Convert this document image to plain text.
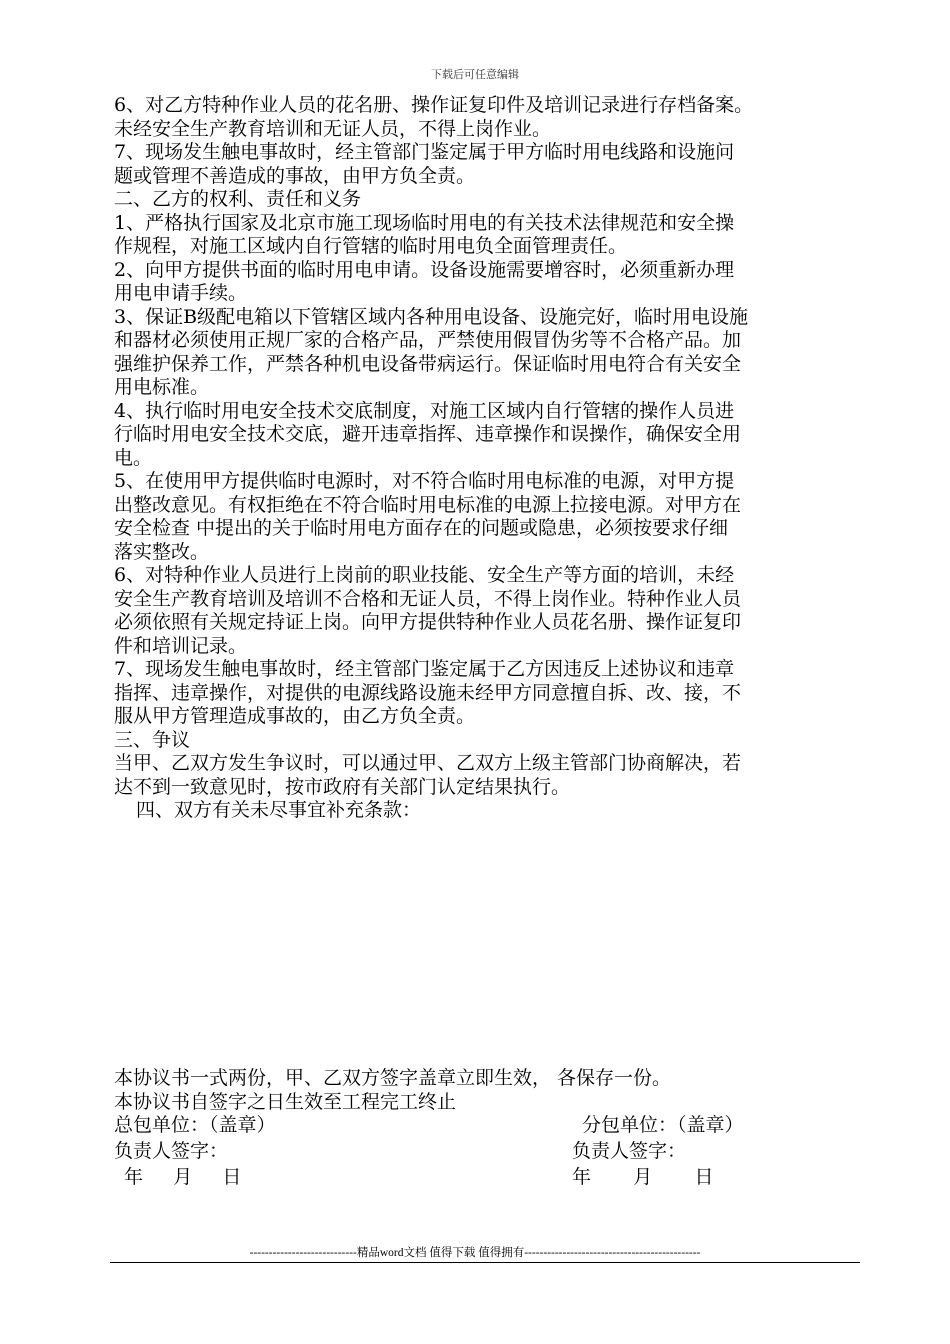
下载后可任意编辑

6、对乙方特种作业人员的花名册、操作证复印件及培训记录进行存档备案。

未经安全生产教育培训和无证人员，不得上岗作业。

7、现场发生触电事故时，经主管部门鉴定属于甲方临时用电线路和设施问

题或管理不善造成的事故，由甲方负全责。

二、乙方的权利、责任和义务

1、严格执行国家及北京市施工现场临时用电的有关技术法律规范和安全操

作规程，对施工区域内自行管辖的临时用电负全面管理责任。

2、向甲方提供书面的临时用电申请。设备设施需要增容时，必须重新办理

用电申请手续。

3、保证B级配电箱以下管辖区域内各种用电设备、设施完好，临时用电设施

和器材必须使用正规厂家的合格产品，严禁使用假冒伪劣等不合格产品。加

强维护保养工作，严禁各种机电设备带病运行。保证临时用电符合有关安全

用电标准。

4、执行临时用电安全技术交底制度，对施工区域内自行管辖的操作人员进

行临时用电安全技术交底，避开违章指挥、违章操作和误操作，确保安全用

电。

5、在使用甲方提供临时电源时，对不符合临时用电标准的电源，对甲方提

出整改意见。有权拒绝在不符合临时用电标准的电源上拉接电源。对甲方在

安全检查 中提出的关于临时用电方面存在的问题或隐患，必须按要求仔细

落实整改。

6、对特种作业人员进行上岗前的职业技能、安全生产等方面的培训，未经

安全生产教育培训及培训不合格和无证人员，不得上岗作业。特种作业人员

必须依照有关规定持证上岗。向甲方提供特种作业人员花名册、操作证复印

件和培训记录。

7、现场发生触电事故时，经主管部门鉴定属于乙方因违反上述协议和违章

指挥、违章操作，对提供的电源线路设施未经甲方同意擅自拆、改、接，不

服从甲方管理造成事故的，由乙方负全责。

三、争议

当甲、乙双方发生争议时，可以通过甲、乙双方上级主管部门协商解决，若

达不到一致意见时，按市政府有关部门认定结果执行。

四、双方有关未尽事宜补充条款：

本协议书一式两份，甲、乙双方签字盖章立即生效， 各保存一份。

本协议书自签字之日生效至工程完工终止

总包单位：（盖章）	分包单位：（盖章）
负责人签字：	负责人签字：
年     月     日	年       月       日
----------------------------精品word文档 值得下载 值得拥有----------------------------------------------
